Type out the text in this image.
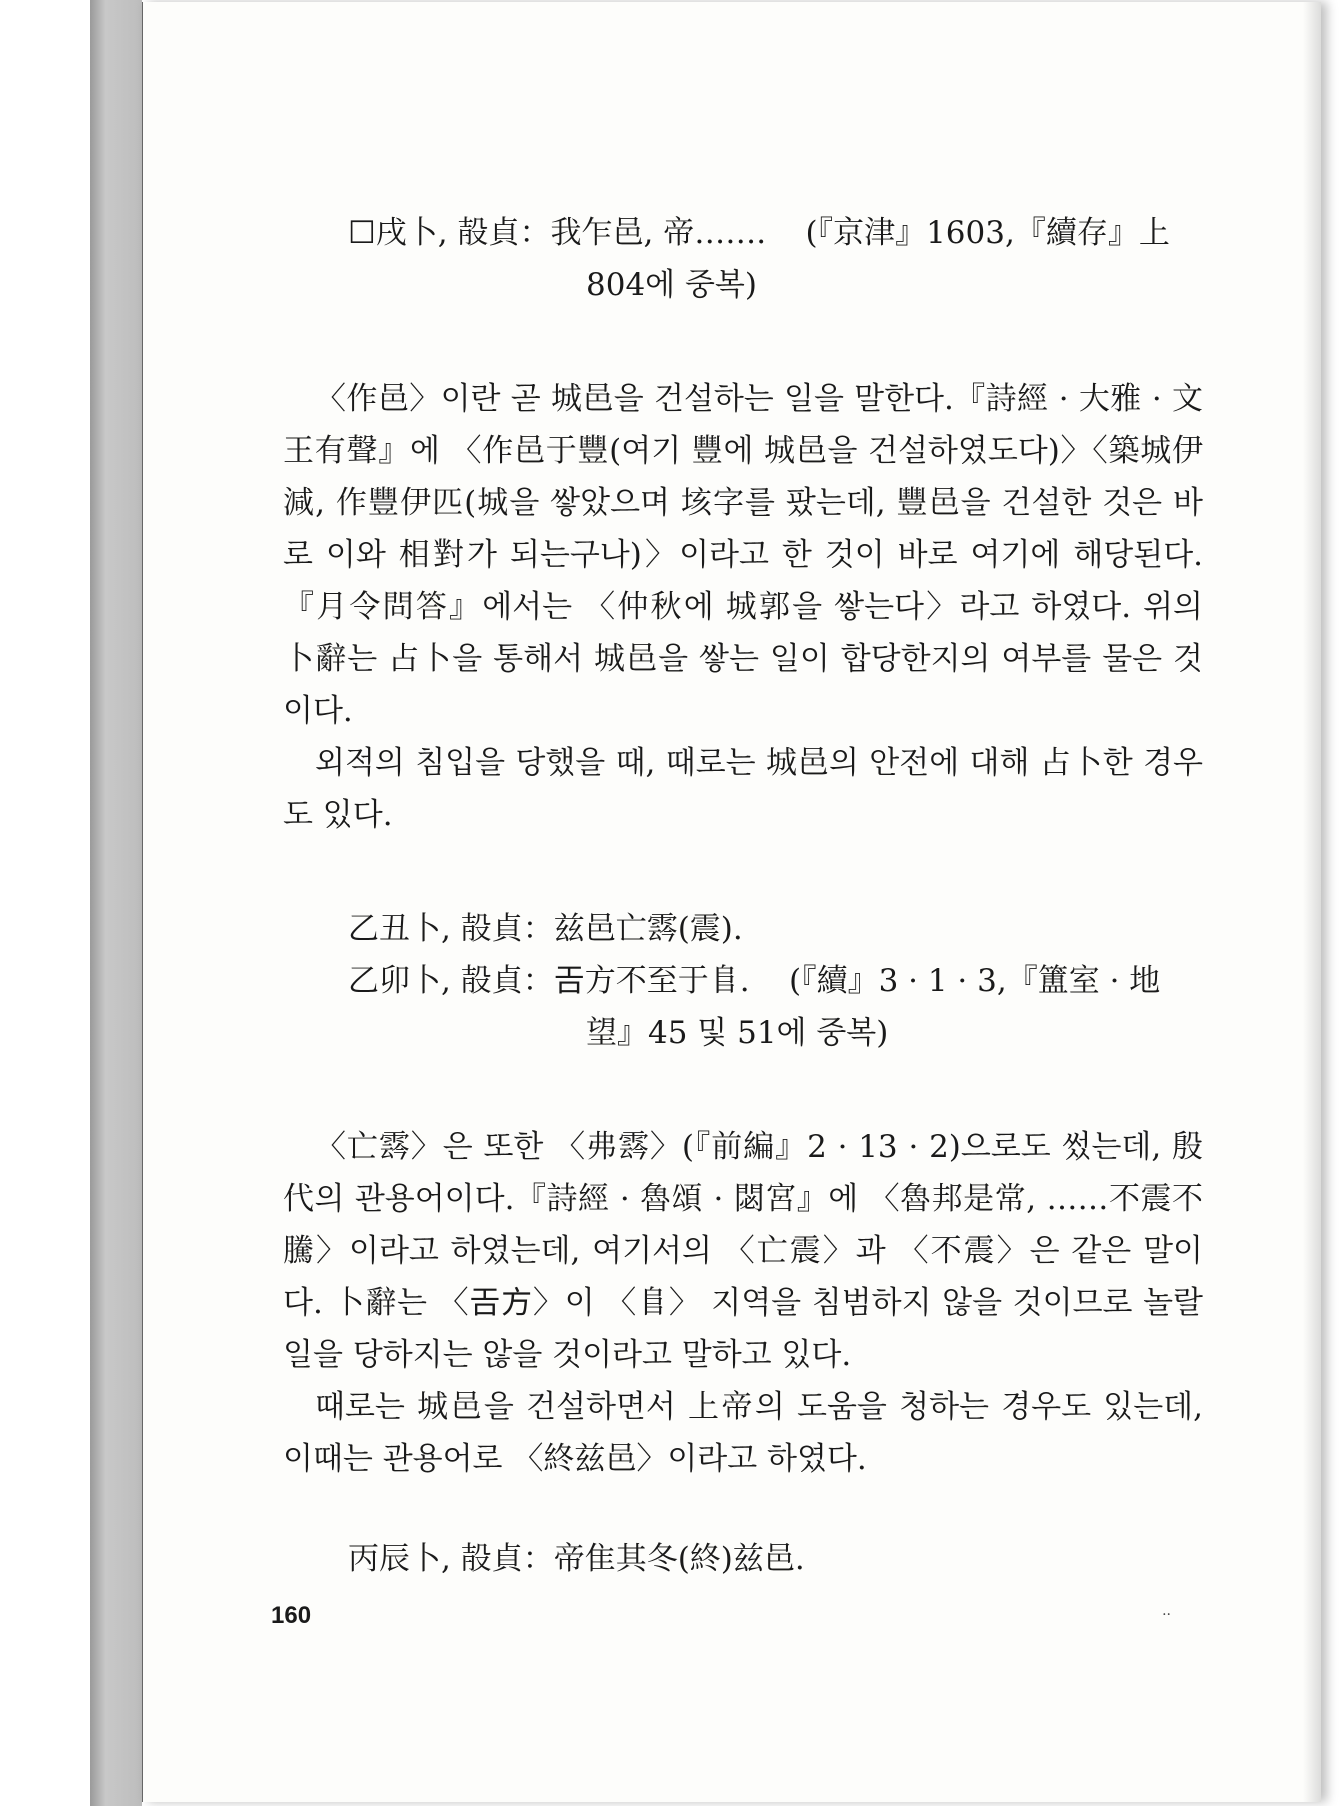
☐戌卜, 㱿貞：我乍邑, 帝…….    (『京津』1603,『續存』上
804에 중복)

〈作邑〉이란 곧 城邑을 건설하는 일을 말한다.『詩經 · 大雅 · 文王有聲』에 〈作邑于豐(여기 豐에 城邑을 건설하였도다)〉〈築城伊減, 作豐伊匹(城을 쌓았으며 垓字를 팠는데, 豐邑을 건설한 것은 바로 이와 相對가 되는구나)〉이라고 한 것이 바로 여기에 해당된다.『月令問答』에서는 〈仲秋에 城郭을 쌓는다〉라고 하였다. 위의 卜辭는 占卜을 통해서 城邑을 쌓는 일이 합당한지의 여부를 물은 것이다.

외적의 침입을 당했을 때, 때로는 城邑의 안전에 대해 占卜한 경우도 있다.

乙丑卜, 㱿貞：兹邑亡𩃬(震).
乙卯卜, 㱿貞：𢀛方不至于𨸏.    (『續』3 · 1 · 3,『簠室 · 地
望』45 및 51에 중복)

〈亡𩃬〉은 또한 〈弗𩃬〉(『前編』2 · 13 · 2)으로도 썼는데, 殷代의 관용어이다.『詩經 · 魯頌 · 閟宮』에 〈魯邦是常, ……不震不騰〉이라고 하였는데, 여기서의 〈亡震〉과 〈不震〉은 같은 말이다. 卜辭는 〈𢀛方〉이 〈𨸏〉 지역을 침범하지 않을 것이므로 놀랄 일을 당하지는 않을 것이라고 말하고 있다.

때로는 城邑을 건설하면서 上帝의 도움을 청하는 경우도 있는데, 이때는 관용어로 〈終兹邑〉이라고 하였다.

丙辰卜, 㱿貞：帝隹其冬(終)兹邑.
160	··
